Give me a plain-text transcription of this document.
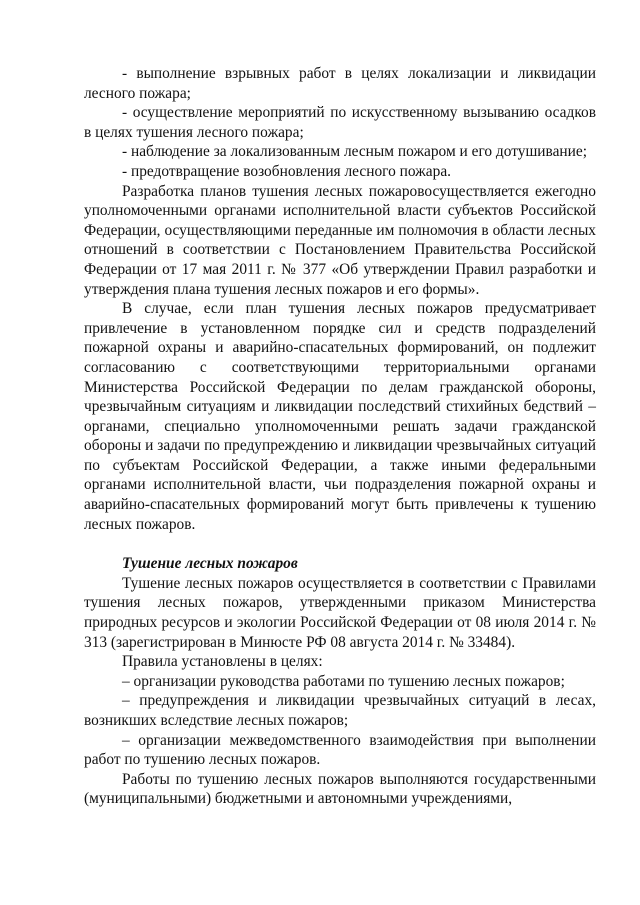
- выполнение взрывных работ в целях локализации и ликвидации лесного пожара;

- осуществление мероприятий по искусственному вызыванию осадков в целях тушения лесного пожара;

- наблюдение за локализованным лесным пожаром и его дотушивание;

- предотвращение возобновления лесного пожара.

Разработка планов тушения лесных пожаровосуществляется ежегодно уполномоченными органами исполнительной власти субъектов Российской Федерации, осуществляющими переданные им полномочия в области лесных отношений в соответствии с Постановлением Правительства Российской Федерации от 17 мая 2011 г. № 377 «Об утверждении Правил разработки и утверждения плана тушения лесных пожаров и его формы».

В случае, если план тушения лесных пожаров предусматривает привлечение в установленном порядке сил и средств подразделений пожарной охраны и аварийно-спасательных формирований, он подлежит согласованию с соответствующими территориальными органами Министерства Российской Федерации по делам гражданской обороны, чрезвычайным ситуациям и ликвидации последствий стихийных бедствий – органами, специально уполномоченными решать задачи гражданской обороны и задачи по предупреждению и ликвидации чрезвычайных ситуаций по субъектам Российской Федерации, а также иными федеральными органами исполнительной власти, чьи подразделения пожарной охраны и аварийно-спасательных формирований могут быть привлечены к тушению лесных пожаров.

Тушение лесных пожаров

Тушение лесных пожаров осуществляется в соответствии с Правилами тушения лесных пожаров, утвержденными приказом Министерства природных ресурсов и экологии Российской Федерации от 08 июля 2014 г. № 313 (зарегистрирован в Минюсте РФ 08 августа 2014 г. № 33484).

Правила установлены в целях:

– организации руководства работами по тушению лесных пожаров;

– предупреждения и ликвидации чрезвычайных ситуаций в лесах, возникших вследствие лесных пожаров;

– организации межведомственного взаимодействия при выполнении работ по тушению лесных пожаров.

Работы по тушению лесных пожаров выполняются государственными (муниципальными) бюджетными и автономными учреждениями,
